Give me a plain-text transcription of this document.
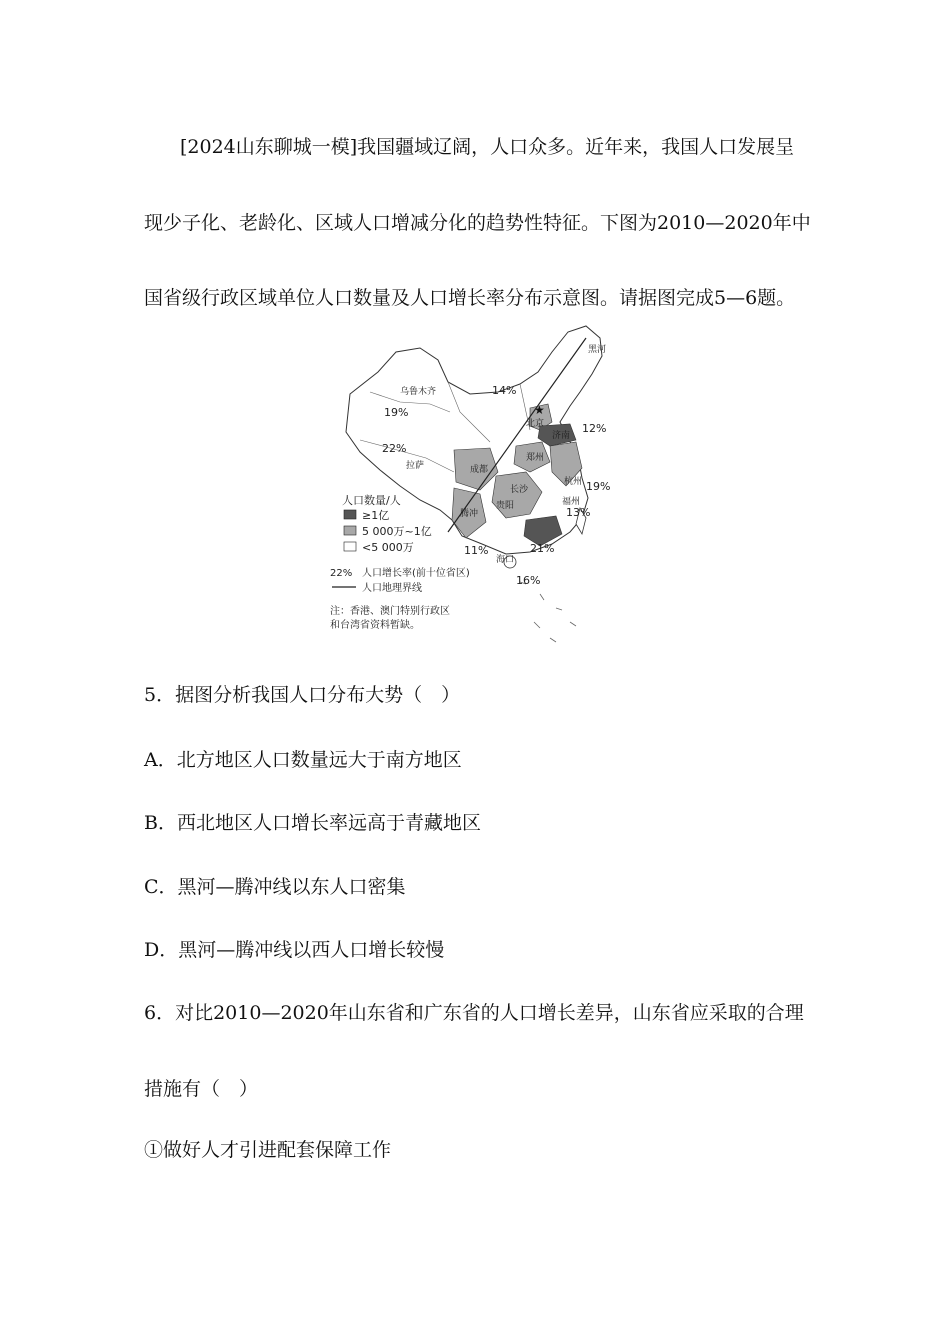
[2024山东聊城一模]我国疆域辽阔，人口众多。近年来，我国人口发展呈
现少子化、老龄化、区域人口增减分化的趋势性特征。下图为2010—2020年中
国省级行政区域单位人口数量及人口增长率分布示意图。请据图完成5—6题。
★
黑河
乌鲁木齐
北京
济南
郑州
成都
杭州
福州
拉萨
腾冲
贵阳
长沙
海口
19%
22%
14%
12%
19%
13%
11%	21%
16%
人口数量/人
≥1亿
5 000万~1亿
<5 000万
22% 人口增长率(前十位省区)
人口地理界线
注：香港、澳门特别行政区
和台湾省资料暂缺。
5．据图分析我国人口分布大势（　）
A．北方地区人口数量远大于南方地区
B．西北地区人口增长率远高于青藏地区
C．黑河—腾冲线以东人口密集
D．黑河—腾冲线以西人口增长较慢
6．对比2010—2020年山东省和广东省的人口增长差异，山东省应采取的合理
措施有（　）
①做好人才引进配套保障工作
